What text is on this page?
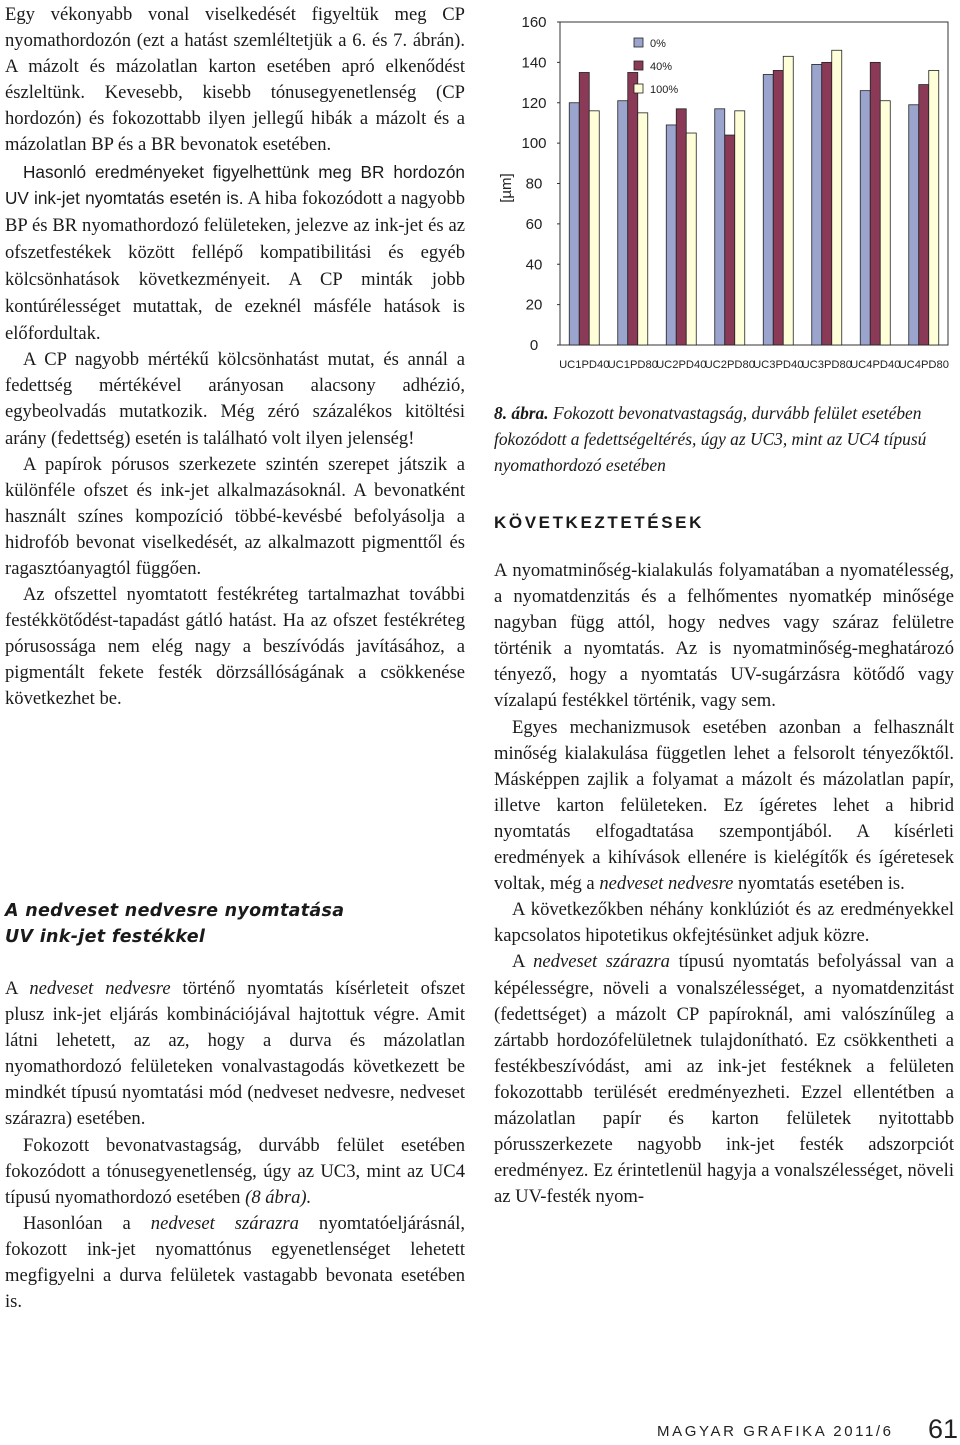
Egy vékonyabb vonal viselkedését figyeltük meg CP nyomathordozón (ezt a hatást szemléltetjük a 6. és 7. ábrán). A mázolt és mázolatlan karton esetében apró elkenődést észleltünk. Kevesebb, kisebb tónusegyenetlenség (CP hordozón) és fokozottabb ilyen jellegű hibák a mázolt és a mázolatlan BP és a BR bevonatok esetében.

Hasonló eredményeket figyelhettünk meg BR hordozón UV ink-jet nyomtatás esetén is. A hiba fokozódott a nagyobb BP és BR nyomathordozó felületeken, jelezve az ink-jet és az ofszetfestékek között fellépő kompatibilitási és egyéb kölcsönhatások következményeit. A CP minták jobb kontúrélességet mutattak, de ezeknél másféle hatások is előfordultak.

A CP nagyobb mértékű kölcsönhatást mutat, és annál a fedettség mértékével arányosan alacsony adhézió, egybeolvadás mutatkozik. Még zéró százalékos kitöltési arány (fedettség) esetén is található volt ilyen jelenség!

A papírok pórusos szerkezete szintén szerepet játszik a különféle ofszet és ink-jet alkalmazásoknál. A bevonatként használt színes kompozíció többé-kevésbé befolyásolja a hidrofób bevonat viselkedését, az alkalmazott pigmenttől és ragasztóanyagtól függően.

Az ofszettel nyomtatott festékréteg tartalmazhat további festékkötődést-tapadást gátló hatást. Ha az ofszet festékréteg pórusossága nem elég nagy a beszívódás javításához, a pigmentált fekete festék dörzsállóságának a csökkenése következhet be.

A nedveset nedvesre nyomtatása
UV ink-jet festékkel

A nedveset nedvesre történő nyomtatás kísérleteit ofszet plusz ink-jet eljárás kombinációjával hajtottuk végre. Amit látni lehetett, az az, hogy a durva és mázolatlan nyomathordozó felületeken vonalvastagodás következett be mindkét típusú nyomtatási mód (nedveset nedvesre, nedveset szárazra) esetében.

Fokozott bevonatvastagság, durvább felület esetében fokozódott a tónusegyenetlenség, úgy az UC3, mint az UC4 típusú nyomathordozó esetében (8 ábra).

Hasonlóan a nedveset szárazra nyomtatóeljárásnál, fokozott ink-jet nyomattónus egyenetlenséget lehetett megfigyelni a durva felületek vastagabb bevonata esetében is.

0
20
40
60
80
100
120
140
160
[µm]
UC1PD40
UC1PD80
UC2PD40
UC2PD80
UC3PD40
UC3PD80
UC4PD40
UC4PD80
0%
40%
100%

8. ábra. Fokozott bevonatvastagság, durvább felület esetében fokozódott a fedettségeltérés, úgy az UC3, mint az UC4 típusú nyomathordozó esetében

KÖVETKEZTETÉSEK

A nyomatminőség-kialakulás folyamatában a nyomatélesség, a nyomatdenzitás és a felhőmentes nyomatkép minősége nagyban függ attól, hogy nedves vagy száraz felületre történik a nyomtatás. Az is nyomatminőség-meghatározó tényező, hogy a nyomtatás UV-sugárzásra kötődő vagy vízalapú festékkel történik, vagy sem.

Egyes mechanizmusok esetében azonban a felhasznált minőség kialakulása független lehet a felsorolt tényezőktől. Másképpen zajlik a folyamat a mázolt és mázolatlan papír, illetve karton felületeken. Ez ígéretes lehet a hibrid nyomtatás elfogadtatása szempontjából. A kísérleti eredmények a kihívások ellenére is kielégítők és ígéretesek voltak, még a nedveset nedvesre nyomtatás esetében is.

A következőkben néhány konklúziót és az eredményekkel kapcsolatos hipotetikus okfejtésünket adjuk közre.

A nedveset szárazra típusú nyomtatás befolyással van a képélességre, növeli a vonalszélességet, a nyomatdenzitást (fedettséget) a mázolt CP papíroknál, ami valószínűleg a zártabb hordozófelületnek tulajdonítható. Ez csökkentheti a festékbeszívódást, ami az ink-jet festéknek a felületen fokozottabb terülését eredményezheti. Ezzel ellentétben a mázolatlan papír és karton felületek nyitottabb pórusszerkezete nagyobb ink-jet festék adszorpciót eredményez. Ez érintetlenül hagyja a vonalszélességet, növeli az UV-festék nyom-

MAGYAR GRAFIKA 2011/6 61
